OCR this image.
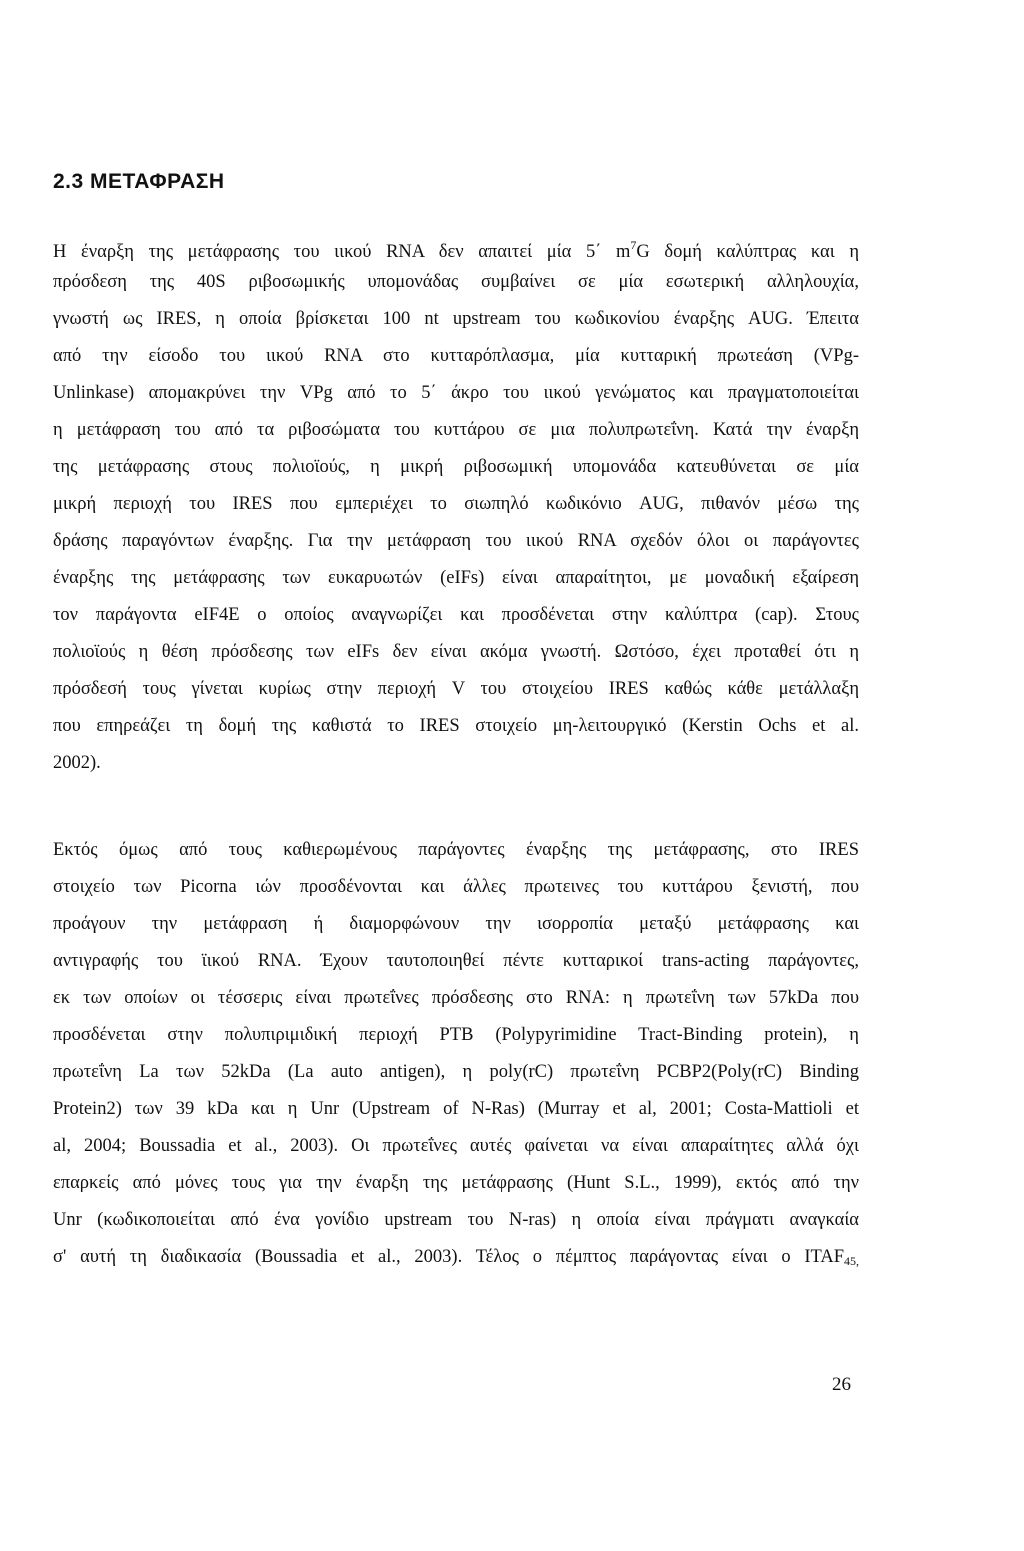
2.3 ΜΕΤΑΦΡΑΣΗ
Η έναρξη της μετάφρασης του ιικού RNA δεν απαιτεί μία 5΄ $m^7G$ δομή καλύπτρας και η
πρόσδεση της 40S ριβοσωμικής υπομονάδας συμβαίνει σε μία εσωτερική αλληλουχία,
γνωστή ως IRES, η οποία βρίσκεται 100 nt upstream του κωδικονίου έναρξης AUG. Έπειτα
από την είσοδο του ιικού RNA στο κυτταρόπλασμα, μία κυτταρική πρωτεάση (VPg-
Unlinkase) απομακρύνει την VPg από το 5΄ άκρο του ιικού γενώματος και πραγματοποιείται
η μετάφραση του από τα ριβοσώματα του κυττάρου σε μια πολυπρωτεΐνη. Κατά την έναρξη
της μετάφρασης στους πολιοϊούς, η μικρή ριβοσωμική υπομονάδα κατευθύνεται σε μία
μικρή περιοχή του IRES που εμπεριέχει το σιωπηλό κωδικόνιο AUG, πιθανόν μέσω της
δράσης παραγόντων έναρξης. Για την μετάφραση του ιικού RNA σχεδόν όλοι οι παράγοντες
έναρξης της μετάφρασης των ευκαρυωτών (eIFs) είναι απαραίτητοι, με μοναδική εξαίρεση
τον παράγοντα eIF4E ο οποίος αναγνωρίζει και προσδένεται στην καλύπτρα (cap). Στους
πολιοϊούς η θέση πρόσδεσης των eIFs δεν είναι ακόμα γνωστή. Ωστόσο, έχει προταθεί ότι η
πρόσδεσή τους γίνεται κυρίως στην περιοχή V του στοιχείου IRES καθώς κάθε μετάλλαξη
που επηρεάζει τη δομή της καθιστά το IRES στοιχείο μη-λειτουργικό (Kerstin Ochs et al.
2002).
Εκτός όμως από τους καθιερωμένους παράγοντες έναρξης της μετάφρασης, στο IRES
στοιχείο των Picorna ιών προσδένονται και άλλες πρωτεινες του κυττάρου ξενιστή, που
προάγουν την μετάφραση ή διαμορφώνουν την ισορροπία μεταξύ μετάφρασης και
αντιγραφής του ϊικού RNA. Έχουν ταυτοποιηθεί πέντε κυτταρικοί trans-acting παράγοντες,
εκ των οποίων οι τέσσερις είναι πρωτεΐνες πρόσδεσης στο RNA: η πρωτεΐνη των 57kDa που
προσδένεται στην πολυπιριμιδική περιοχή PTB (Polypyrimidine Tract-Binding protein), η
πρωτεΐνη La των 52kDa (La auto antigen), η poly(rC) πρωτεΐνη PCBP2(Poly(rC) Binding
Protein2) των 39 kDa και η Unr (Upstream of N-Ras) (Murray et al, 2001; Costa-Mattioli et
al, 2004; Boussadia et al., 2003). Οι πρωτεΐνες αυτές φαίνεται να είναι απαραίτητες αλλά όχι
επαρκείς από μόνες τους για την έναρξη της μετάφρασης (Hunt S.L., 1999), εκτός από την
Unr (κωδικοποιείται από ένα γονίδιο upstream του N-ras) η οποία είναι πράγματι αναγκαία
σ' αυτή τη διαδικασία (Boussadia et al., 2003). Τέλος ο πέμπτος παράγοντας είναι ο $ITAF_{45,}$
26
